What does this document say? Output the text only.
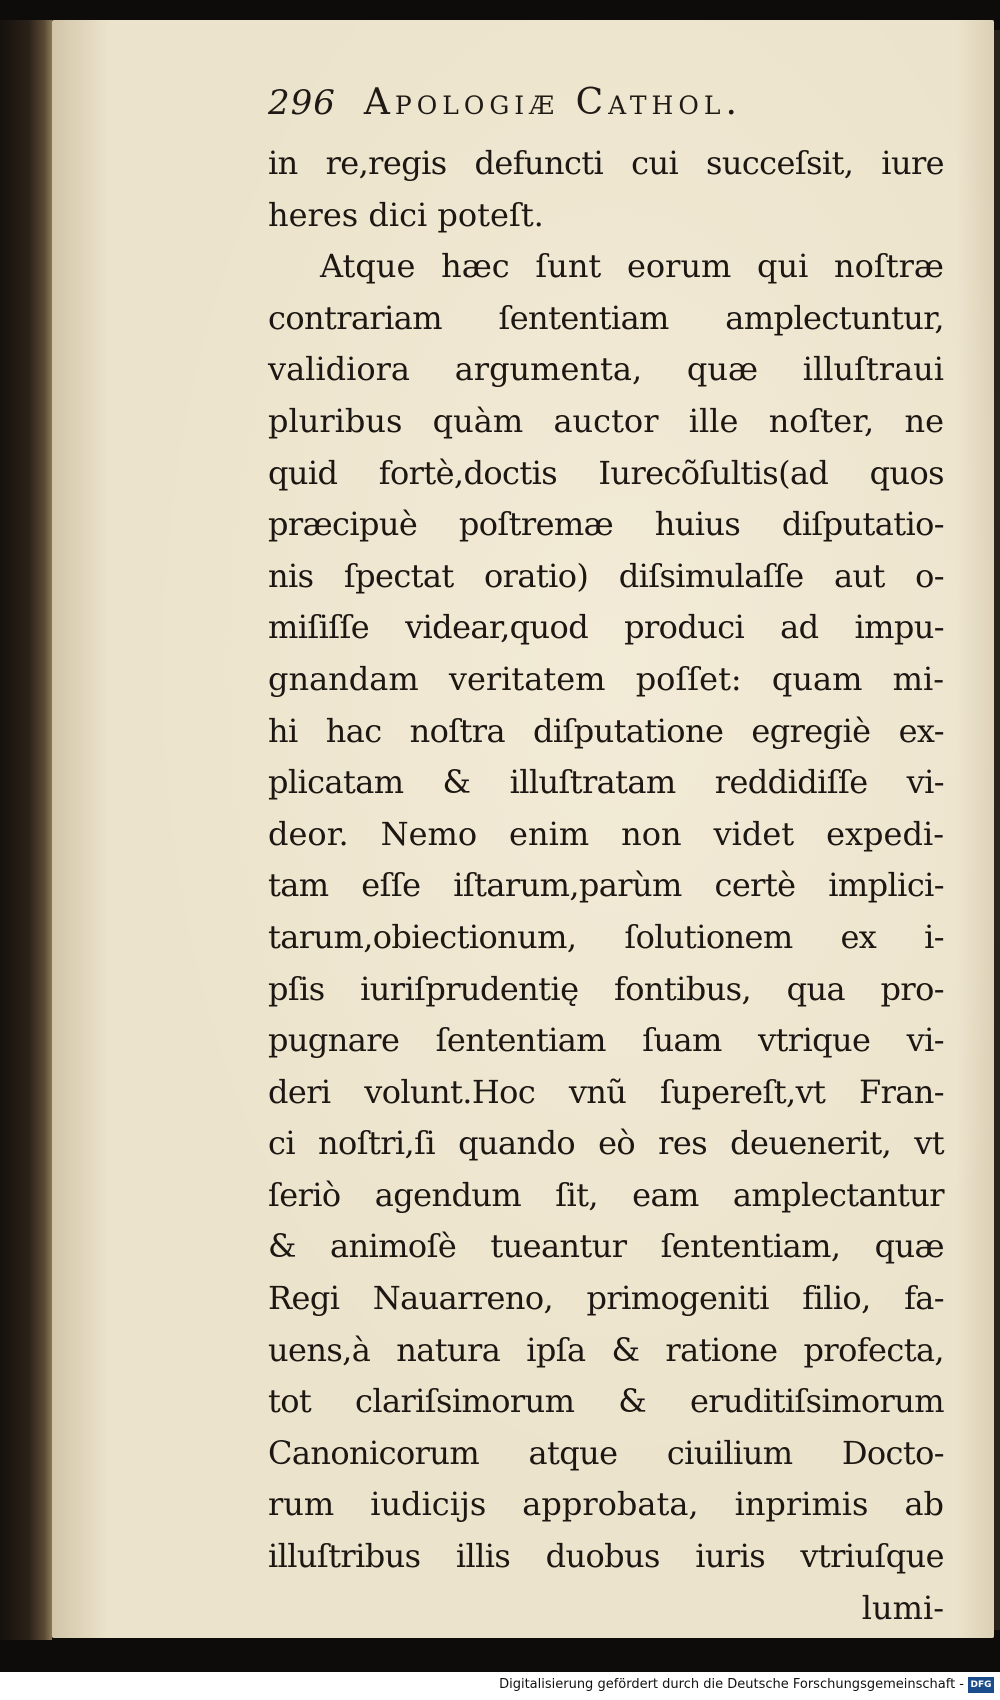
296 Apologiæ Cathol.
in re,regis defuncti cui succeſsit, iure
heres dici poteſt.
Atque hæc ſunt eorum qui noſtræ
contrariam ſententiam amplectuntur,
validiora argumenta, quæ illuſtraui
pluribus quàm auctor ille noſter, ne
quid fortè,doctis Iurecõſultis(ad quos
præcipuè poſtremæ huius diſputatio-
nis ſpectat oratio) diſsimulaſſe aut o-
miſiſſe videar,quod produci ad impu-
gnandam veritatem poſſet: quam mi-
hi hac noſtra diſputatione egregiè ex-
plicatam & illuſtratam reddidiſſe vi-
deor. Nemo enim non videt expedi-
tam eſſe iſtarum,parùm certè implici-
tarum,obiectionum, ſolutionem ex i-
pſis iuriſprudentię fontibus, qua pro-
pugnare ſententiam ſuam vtrique vi-
deri volunt.Hoc vnũ ſupereſt,vt Fran-
ci noſtri,ſi quando eò res deuenerit, vt
ſeriò agendum ſit, eam amplectantur
& animoſè tueantur ſententiam, quæ
Regi Nauarreno, primogeniti filio, fa-
uens,à natura ipſa & ratione profecta,
tot clariſsimorum & eruditiſsimorum
Canonicorum atque ciuilium Docto-
rum iudicijs approbata, inprimis ab
illuſtribus illis duobus iuris vtriuſque
lumi-
Digitalisierung gefördert durch die Deutsche Forschungsgemeinschaft - DFG
